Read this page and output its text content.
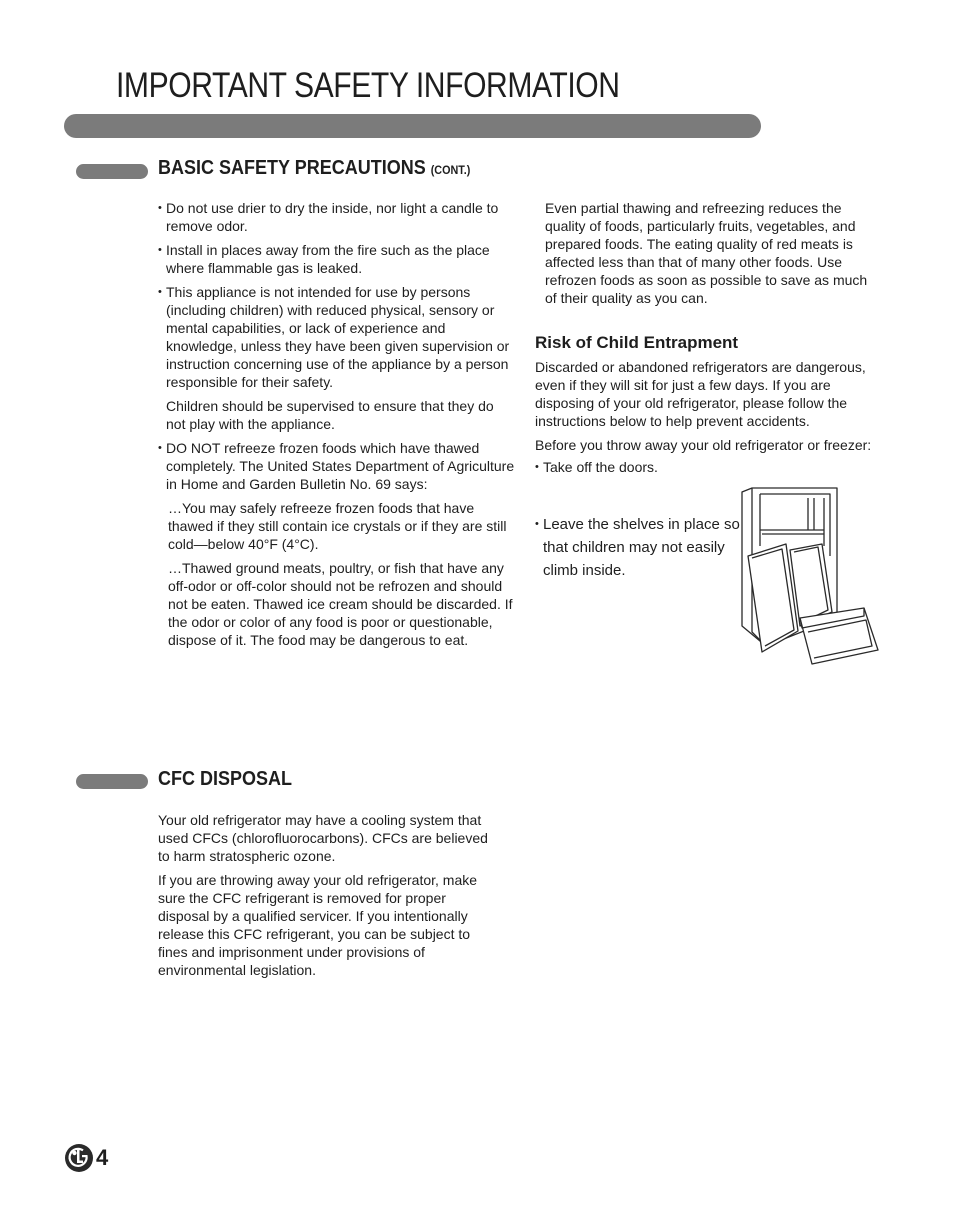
IMPORTANT SAFETY INFORMATION
BASIC SAFETY PRECAUTIONS (CONT.)

• Do not use drier to dry the inside, nor light a candle to remove odor.

• Install in places away from the fire such as the place where flammable gas is leaked.

• This appliance is not intended for use by persons (including children) with reduced physical, sensory or mental capabilities, or lack of experience and knowledge, unless they have been given supervision or instruction concerning use of the appliance by a person responsible for their safety.

Children should be supervised to ensure that they do not play with the appliance.

• DO NOT refreeze frozen foods which have thawed completely. The United States Department of Agriculture in Home and Garden Bulletin No. 69 says:

…You may safely refreeze frozen foods that have thawed if they still contain ice crystals or if they are still cold—below 40°F (4°C).

…Thawed ground meats, poultry, or fish that have any off-odor or off-color should not be refrozen and should not be eaten. Thawed ice cream should be discarded. If the odor or color of any food is poor or questionable, dispose of it. The food may be dangerous to eat.

Even partial thawing and refreezing reduces the quality of foods, particularly fruits, vegetables, and prepared foods. The eating quality of red meats is affected less than that of many other foods. Use refrozen foods as soon as possible to save as much of their quality as you can.

Risk of Child Entrapment

Discarded or abandoned refrigerators are dangerous, even if they will sit for just a few days. If you are disposing of your old refrigerator, please follow the instructions below to help prevent accidents.

Before you throw away your old refrigerator or freezer:

• Take off the doors.

• Leave the shelves in place so that children may not easily climb inside.

CFC DISPOSAL

Your old refrigerator may have a cooling system that used CFCs (chlorofluorocarbons). CFCs are believed to harm stratospheric ozone.

If you are throwing away your old refrigerator, make sure the CFC refrigerant is removed for proper disposal by a qualified servicer. If you intentionally release this CFC refrigerant, you can be subject to fines and imprisonment under provisions of environmental legislation.

4
